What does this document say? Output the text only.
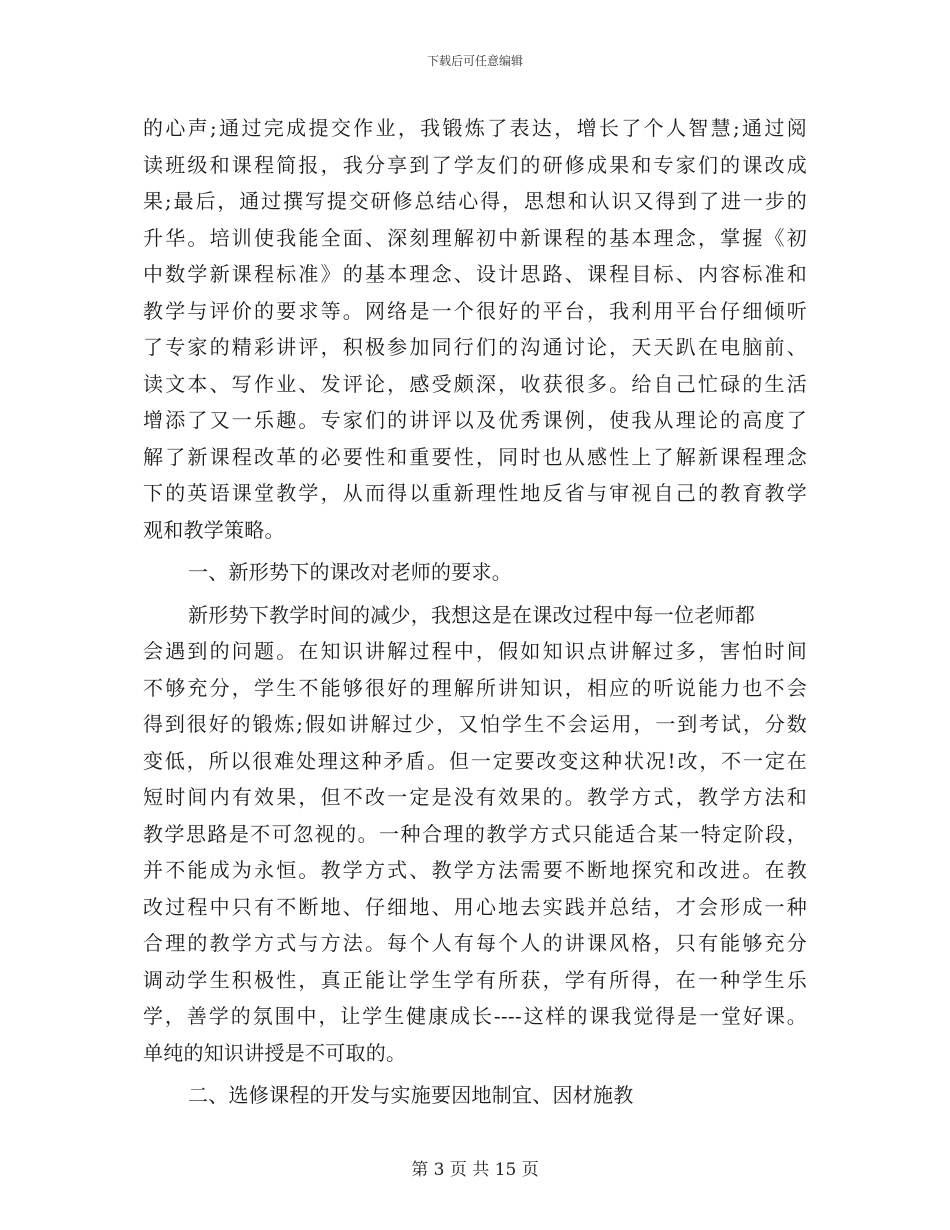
下载后可任意编辑
的心声;通过完成提交作业，我锻炼了表达，增长了个人智慧;通过阅
读班级和课程简报，我分享到了学友们的研修成果和专家们的课改成
果;最后，通过撰写提交研修总结心得，思想和认识又得到了进一步的
升华。培训使我能全面、深刻理解初中新课程的基本理念，掌握《初
中数学新课程标准》的基本理念、设计思路、课程目标、内容标准和
教学与评价的要求等。网络是一个很好的平台，我利用平台仔细倾听
了专家的精彩讲评，积极参加同行们的沟通讨论，天天趴在电脑前、
读文本、写作业、发评论，感受颇深，收获很多。给自己忙碌的生活
增添了又一乐趣。专家们的讲评以及优秀课例，使我从理论的高度了
解了新课程改革的必要性和重要性，同时也从感性上了解新课程理念
下的英语课堂教学，从而得以重新理性地反省与审视自己的教育教学
观和教学策略。
一、新形势下的课改对老师的要求。
新形势下教学时间的减少，我想这是在课改过程中每一位老师都
会遇到的问题。在知识讲解过程中，假如知识点讲解过多，害怕时间
不够充分，学生不能够很好的理解所讲知识，相应的听说能力也不会
得到很好的锻炼;假如讲解过少，又怕学生不会运用，一到考试，分数
变低，所以很难处理这种矛盾。但一定要改变这种状况!改，不一定在
短时间内有效果，但不改一定是没有效果的。教学方式，教学方法和
教学思路是不可忽视的。一种合理的教学方式只能适合某一特定阶段，
并不能成为永恒。教学方式、教学方法需要不断地探究和改进。在教
改过程中只有不断地、仔细地、用心地去实践并总结，才会形成一种
合理的教学方式与方法。每个人有每个人的讲课风格，只有能够充分
调动学生积极性，真正能让学生学有所获，学有所得，在一种学生乐
学，善学的氛围中，让学生健康成长----这样的课我觉得是一堂好课。
单纯的知识讲授是不可取的。
二、选修课程的开发与实施要因地制宜、因材施教
第 3 页 共 15 页
